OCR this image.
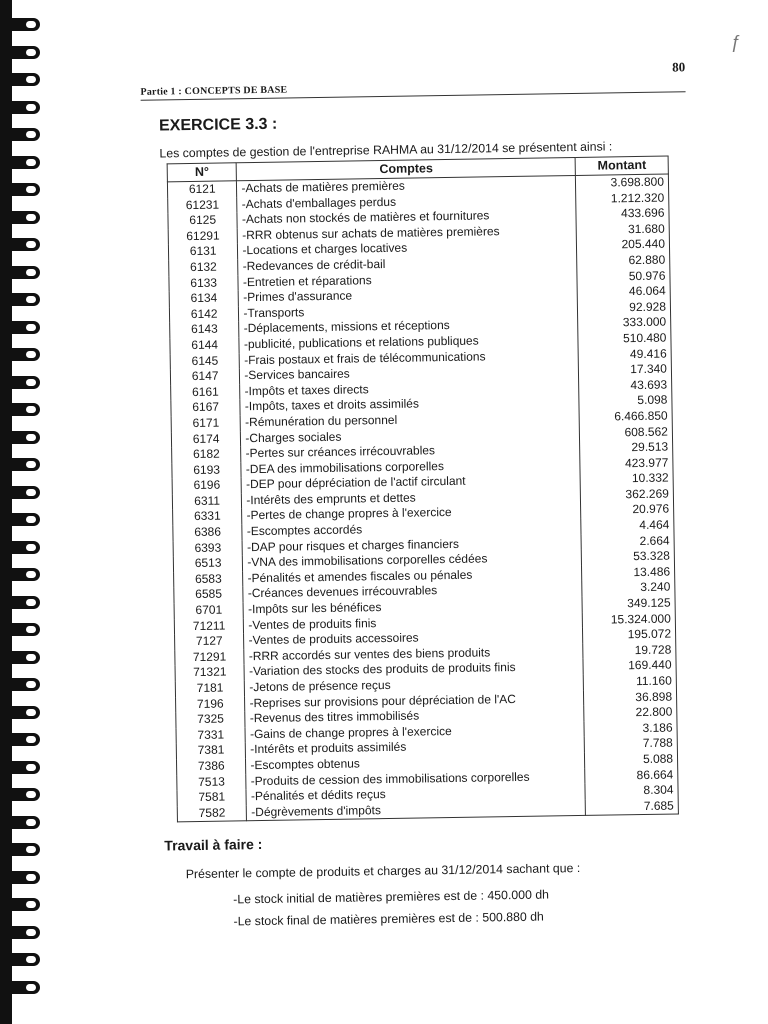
ƒ
Partie 1 : CONCEPTS DE BASE
80
EXERCICE 3.3 :
Les comptes de gestion de l'entreprise RAHMA au 31/12/2014 se présentent ainsi :
N°	Comptes	Montant
6121	-Achats de matières premières	3.698.800
61231	-Achats d'emballages perdus	1.212.320
6125	-Achats non stockés de matières et fournitures	433.696
61291	-RRR obtenus sur achats de matières premières	31.680
6131	-Locations et charges locatives	205.440
6132	-Redevances de crédit-bail	62.880
6133	-Entretien et réparations	50.976
6134	-Primes d'assurance	46.064
6142	-Transports	92.928
6143	-Déplacements, missions et réceptions	333.000
6144	-publicité, publications et relations publiques	510.480
6145	-Frais postaux et frais de télécommunications	49.416
6147	-Services bancaires	17.340
6161	-Impôts et taxes directs	43.693
6167	-Impôts, taxes et droits assimilés	5.098
6171	-Rémunération du personnel	6.466.850
6174	-Charges sociales	608.562
6182	-Pertes sur créances irrécouvrables	29.513
6193	-DEA des immobilisations corporelles	423.977
6196	-DEP pour dépréciation de l'actif circulant	10.332
6311	-Intérêts des emprunts et dettes	362.269
6331	-Pertes de change propres à l'exercice	20.976
6386	-Escomptes accordés	4.464
6393	-DAP pour risques et charges financiers	2.664
6513	-VNA des immobilisations corporelles cédées	53.328
6583	-Pénalités et amendes fiscales ou pénales	13.486
6585	-Créances devenues irrécouvrables	3.240
6701	-Impôts sur les bénéfices	349.125
71211	-Ventes de produits finis	15.324.000
7127	-Ventes de produits accessoires	195.072
71291	-RRR accordés sur ventes des biens produits	19.728
71321	-Variation des stocks des produits de produits finis	169.440
7181	-Jetons de présence reçus	11.160
7196	-Reprises sur provisions pour dépréciation de l'AC	36.898
7325	-Revenus des titres immobilisés	22.800
7331	-Gains de change propres à l'exercice	3.186
7381	-Intérêts et produits assimilés	7.788
7386	-Escomptes obtenus	5.088
7513	-Produits de cession des immobilisations corporelles	86.664
7581	-Pénalités et dédits reçus	8.304
7582	-Dégrèvements d'impôts	7.685
Travail à faire :
Présenter le compte de produits et charges au 31/12/2014 sachant que :
-Le stock initial de matières premières est de : 450.000 dh
-Le stock final de matières premières est de : 500.880 dh
